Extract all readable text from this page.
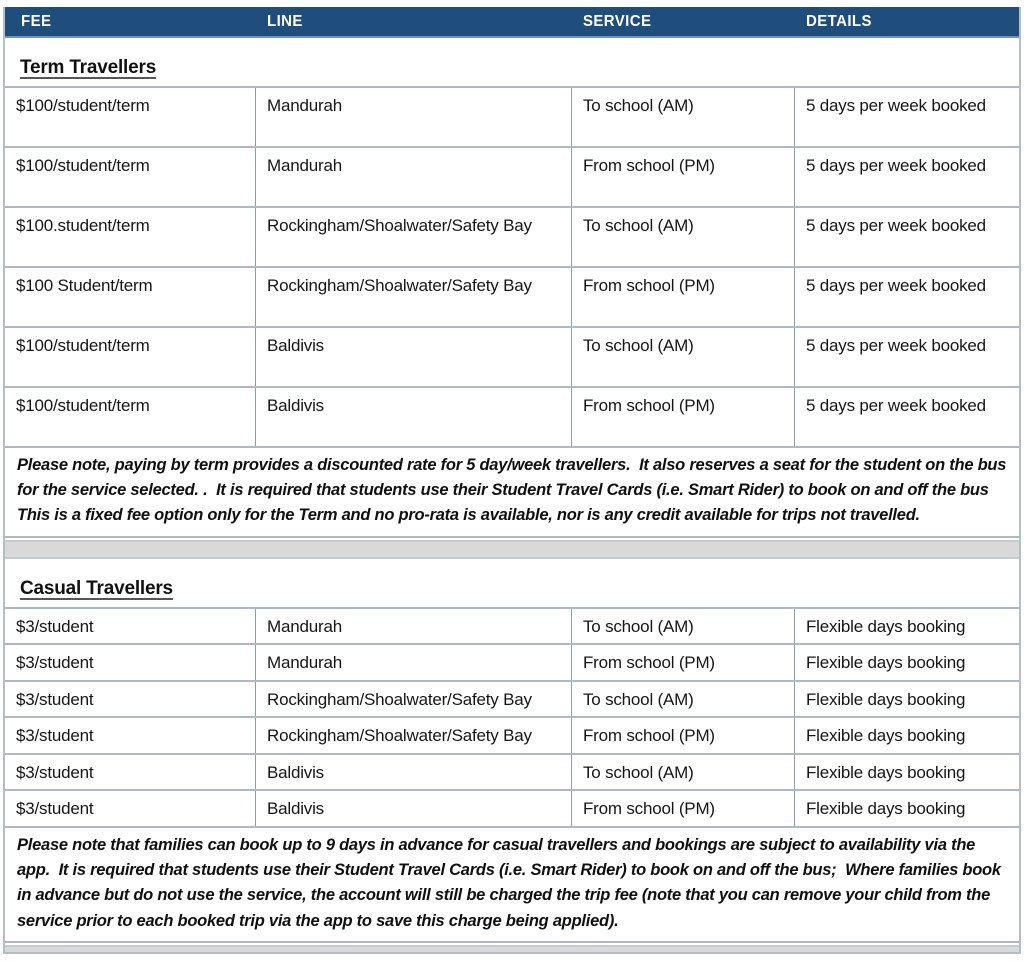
FEE	LINE	SERVICE	DETAILS
Term Travellers
$100/student/term	Mandurah	To school (AM)	5 days per week booked
$100/student/term	Mandurah	From school (PM)	5 days per week booked
$100.student/term	Rockingham/Shoalwater/Safety Bay	To school (AM)	5 days per week booked
$100 Student/term	Rockingham/Shoalwater/Safety Bay	From school (PM)	5 days per week booked
$100/student/term	Baldivis	To school (AM)	5 days per week booked
$100/student/term	Baldivis	From school (PM)	5 days per week booked
Please note, paying by term provides a discounted rate for 5 day/week travellers.  It also reserves a seat for the student on the bus for the service selected. .  It is required that students use their Student Travel Cards (i.e. Smart Rider) to book on and off the bus This is a fixed fee option only for the Term and no pro-rata is available, nor is any credit available for trips not travelled.
Casual Travellers
$3/student	Mandurah	To school (AM)	Flexible days booking
$3/student	Mandurah	From school (PM)	Flexible days booking
$3/student	Rockingham/Shoalwater/Safety Bay	To school (AM)	Flexible days booking
$3/student	Rockingham/Shoalwater/Safety Bay	From school (PM)	Flexible days booking
$3/student	Baldivis	To school (AM)	Flexible days booking
$3/student	Baldivis	From school (PM)	Flexible days booking
Please note that families can book up to 9 days in advance for casual travellers and bookings are subject to availability via the app.  It is required that students use their Student Travel Cards (i.e. Smart Rider) to book on and off the bus;  Where families book in advance but do not use the service, the account will still be charged the trip fee (note that you can remove your child from the service prior to each booked trip via the app to save this charge being applied).
